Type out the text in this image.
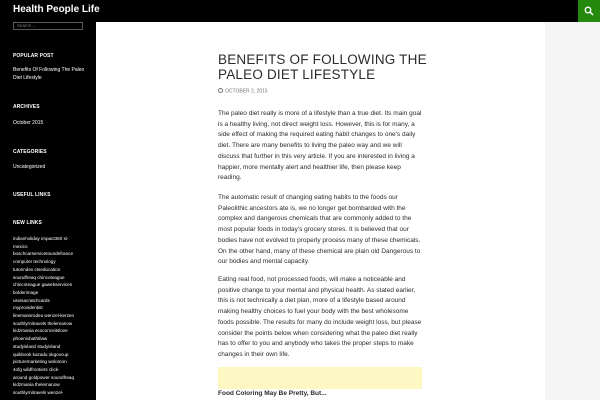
Health People Life
Search ...
POPULAR POST
Benefits Of Following The Paleo Diet Lifestyle
ARCHIVES
October 2015
CATEGORIES
Uncategorized
USEFUL LINKS
NEW LINKS
indianholiday impact360 si-
mexico
boschcarservicetoundefrance
computer technology
tutorindex ctseducation
soundfreaq chincoteague
chincoteague gawebservices
bolderimage
usvisacratchcards
myprovidentist
linemansrodeo wenzel-kerzen
southlyrnitravels thelemanow
kidzmania ecoconceitslove
phoenixbathtilaw
studyisland studyisland
quikbook kazadu okgovcup
picturemarketing wolomon
4ofg wildfrontiers click-
around goldpower soundfreaq
kidzmania thelemanow
southlyrnitravels wenzel-
BENEFITS OF FOLLOWING THE PALEO DIET LIFESTYLE
OCTOBER 2, 2015

The paleo diet really is more of a lifestyle than a true diet. Its main goal is a healthy living, not direct weight loss. However, this is for many, a side effect of making the required eating habit changes to one's daily diet. There are many benefits to living the paleo way and we will discuss that further in this very article. If you are interested in living a happier, more mentally alert and healthier life, then please keep reading.

The automatic result of changing eating habits to the foods our Paleolithic ancestors ate is, we no longer get bombarded with the complex and dangerous chemicals that are commonly added to the most popular foods in today's grocery stores. It is believed that our bodies have not evolved to properly process many of these chemicals. On the other hand, many of these chemical are plain old Dangerous to our bodies and mental capacity.

Eating real food, not processed foods, will make a noticeable and positive change to your mental and physical health. As stated earlier, this is not technically a diet plan, more of a lifestyle based around making healthy choices to fuel your body with the best wholesome foods possible. The results for many do include weight loss, but please consider the points below when considering what the paleo diet really has to offer to you and anybody who takes the proper steps to make changes in their own life.

Food Coloring May Be Pretty, But...
